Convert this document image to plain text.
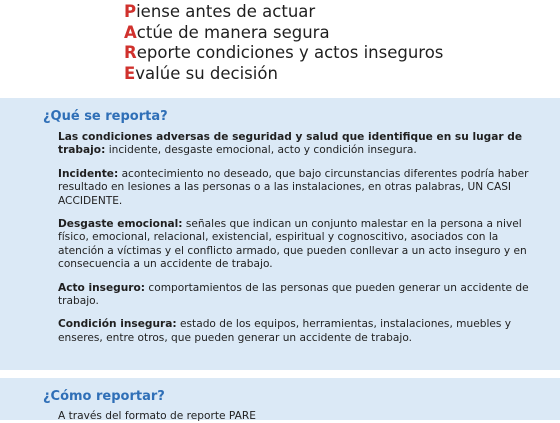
Piense antes de actuar
Actúe de manera segura
Reporte condiciones y actos inseguros
Evalúe su decisión
¿Qué se reporta?

Las condiciones adversas de seguridad y salud que identifique en su lugar de trabajo: incidente, desgaste emocional, acto y condición insegura.

Incidente: acontecimiento no deseado, que bajo circunstancias diferentes podría haber resultado en lesiones a las personas o a las instalaciones, en otras palabras, UN CASI ACCIDENTE.

Desgaste emocional: señales que indican un conjunto malestar en la persona a nivel físico, emocional, relacional, existencial, espiritual y cognoscitivo, asociados con la atención a víctimas y el conflicto armado, que pueden conllevar a un acto inseguro y en consecuencia a un accidente de trabajo.

Acto inseguro: comportamientos de las personas que pueden generar un accidente de trabajo.

Condición insegura: estado de los equipos, herramientas, instalaciones, muebles y enseres, entre otros, que pueden generar un accidente de trabajo.

¿Cómo reportar?
A través del formato de reporte PARE
